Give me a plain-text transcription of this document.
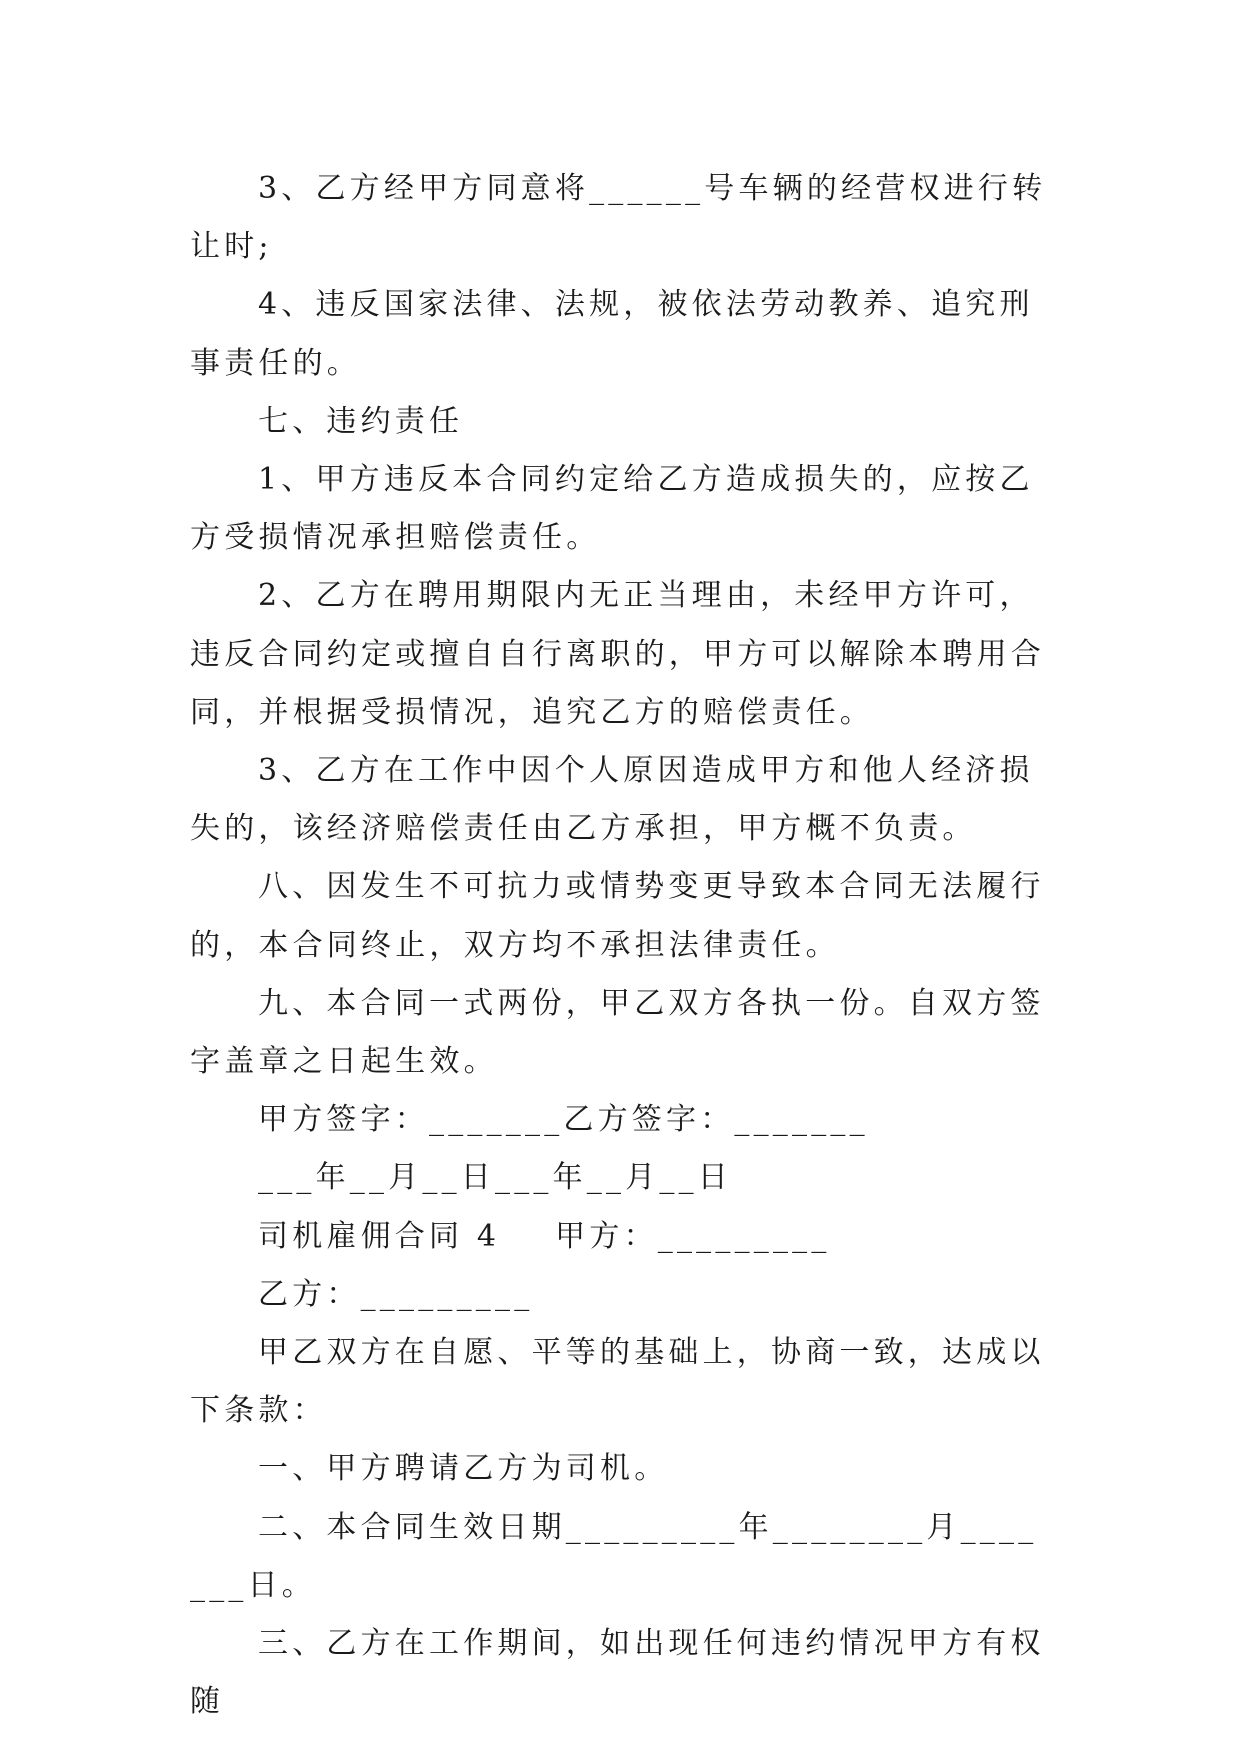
3、乙方经甲方同意将______号车辆的经营权进行转让时;

4、违反国家法律、法规，被依法劳动教养、追究刑事责任的。

七、违约责任

1、甲方违反本合同约定给乙方造成损失的，应按乙方受损情况承担赔偿责任。

2、乙方在聘用期限内无正当理由，未经甲方许可，违反合同约定或擅自自行离职的，甲方可以解除本聘用合同，并根据受损情况，追究乙方的赔偿责任。

3、乙方在工作中因个人原因造成甲方和他人经济损失的，该经济赔偿责任由乙方承担，甲方概不负责。

八、因发生不可抗力或情势变更导致本合同无法履行的，本合同终止，双方均不承担法律责任。

九、本合同一式两份，甲乙双方各执一份。自双方签字盖章之日起生效。

甲方签字：_______乙方签字：_______

___年__月__日___年__月__日

司机雇佣合同 4    甲方：_________

乙方：_________

甲乙双方在自愿、平等的基础上，协商一致，达成以下条款：

一、甲方聘请乙方为司机。

二、本合同生效日期_________年________月_______日。

三、乙方在工作期间，如出现任何违约情况甲方有权随
